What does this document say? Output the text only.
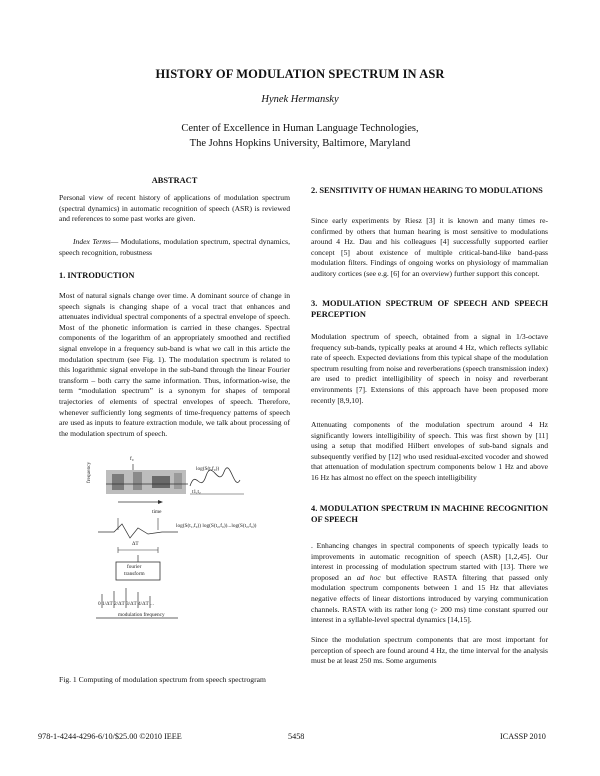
HISTORY OF MODULATION SPECTRUM IN ASR
Hynek Hermansky
Center of Excellence in Human Language Technologies,
The Johns Hopkins University, Baltimore, Maryland
ABSTRACT

Personal view of recent history of applications of modulation spectrum (spectral dynamics) in automatic recognition of speech (ASR) is reviewed and references to some past works are given.

Index Terms— Modulations, modulation spectrum, spectral dynamics, speech recognition, robustness

1. INTRODUCTION

Most of natural signals change over time. A dominant source of change in speech signals is changing shape of a vocal tract that enhances and attenuates individual spectral components of a spectral envelope of speech. Most of the phonetic information is carried in these changes. Spectral components of the logarithm of an appropriately smoothed and rectified signal envelope in a frequency sub-band is what we call in this article the modulation spectrum (see Fig. 1). The modulation spectrum is related to this logarithmic signal envelope in the sub-band through the linear Fourier transform – both carry the same information. Thus, information-wise, the term “modulation spectrum” is a synonym for shapes of temporal trajectories of elements of spectral envelopes of speech. Therefore, whenever sufficiently long segments of time-frequency patterns of speech are used as inputs to feature extraction module, we talk about processing of the modulation spectrum of speech.

f₀
log(S(t,f₀))
frequency
time
t1,t₂
log(S(t₁,f₀)) log(S(t₂,f₀))...log(S(t₂,f₀))
ΔT
fourier
transform
0 1/ΔT 2/ΔT 3/ΔT 4/ΔT ...
modulation frequency

Fig. 1 Computing of modulation spectrum from speech spectrogram

2. SENSITIVITY OF HUMAN HEARING TO MODULATIONS

Since early experiments by Riesz [3] it is known and many times re-confirmed by others that human hearing is most sensitive to modulations around 4 Hz. Dau and his colleagues [4] successfully supported earlier concept [5] about existence of multiple critical-band-like band-pass modulation filters. Findings of ongoing works on physiology of mammalian auditory cortices (see e.g. [6] for an overview) further support this concept.

3. MODULATION SPECTRUM OF SPEECH AND SPEECH PERCEPTION

Modulation spectrum of speech, obtained from a signal in 1/3-octave frequency sub-bands, typically peaks at around 4 Hz, which reflects syllabic rate of speech. Expected deviations from this typical shape of the modulation spectrum resulting from noise and reverberations (speech transmission index) are used to predict intelligibility of speech in noisy and reverberant environments [7]. Extensions of this approach have been proposed more recently [8,9,10].

Attenuating components of the modulation spectrum around 4 Hz significantly lowers intelligibility of speech. This was first shown by [11] using a setup that modified Hilbert envelopes of sub-band signals and subsequently verified by [12] who used residual-excited vocoder and showed that attenuation of modulation spectrum components below 1 Hz and above 16 Hz has almost no effect on the speech intelligibility

4. MODULATION SPECTRUM IN MACHINE RECOGNITION OF SPEECH

. Enhancing changes in spectral components of speech typically leads to improvements in automatic recognition of speech (ASR) [1,2,45]. Our interest in processing of modulation spectrum started with [13]. There we proposed an ad hoc but effective RASTA filtering that passed only modulation spectrum components between 1 and 15 Hz that alleviates negative effects of linear distortions introduced by varying communication channels. RASTA with its rather long (> 200 ms) time constant spurred our interest in a syllable-level spectral dynamics [14,15].

Since the modulation spectrum components that are most important for perception of speech are found around 4 Hz, the time interval for the analysis must be at least 250 ms. Some arguments

978-1-4244-4296-6/10/$25.00 ©2010 IEEE	5458	ICASSP 2010
